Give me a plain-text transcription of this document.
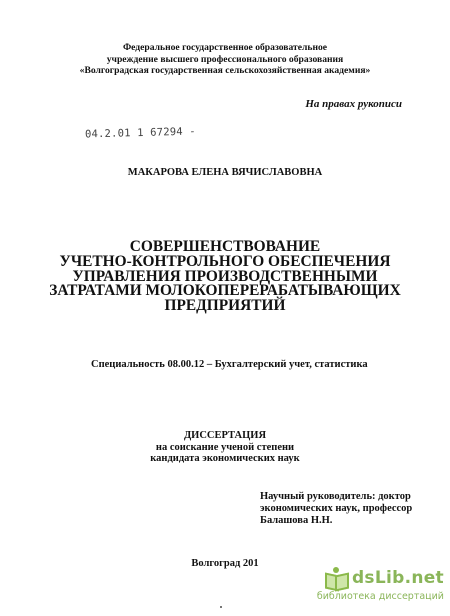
Федеральное государственное образовательное
учреждение высшего профессионального образования
«Волгоградская государственная сельскохозяйственная академия»
На правах рукописи
04.2.01 1 67294 -
МАКАРОВА ЕЛЕНА ВЯЧИСЛАВОВНА
СОВЕРШЕНСТВОВАНИЕ
УЧЕТНО-КОНТРОЛЬНОГО ОБЕСПЕЧЕНИЯ
УПРАВЛЕНИЯ ПРОИЗВОДСТВЕННЫМИ
ЗАТРАТАМИ МОЛОКОПЕРЕРАБАТЫВАЮЩИХ
ПРЕДПРИЯТИЙ
Специальность 08.00.12 – Бухгалтерский учет, статистика
ДИССЕРТАЦИЯ
на соискание ученой степени
кандидата экономических наук
Научный руководитель: доктор
экономических наук, профессор
Балашова Н.Н.
Волгоград 201
dsLib.net
библиотека диссертаций
